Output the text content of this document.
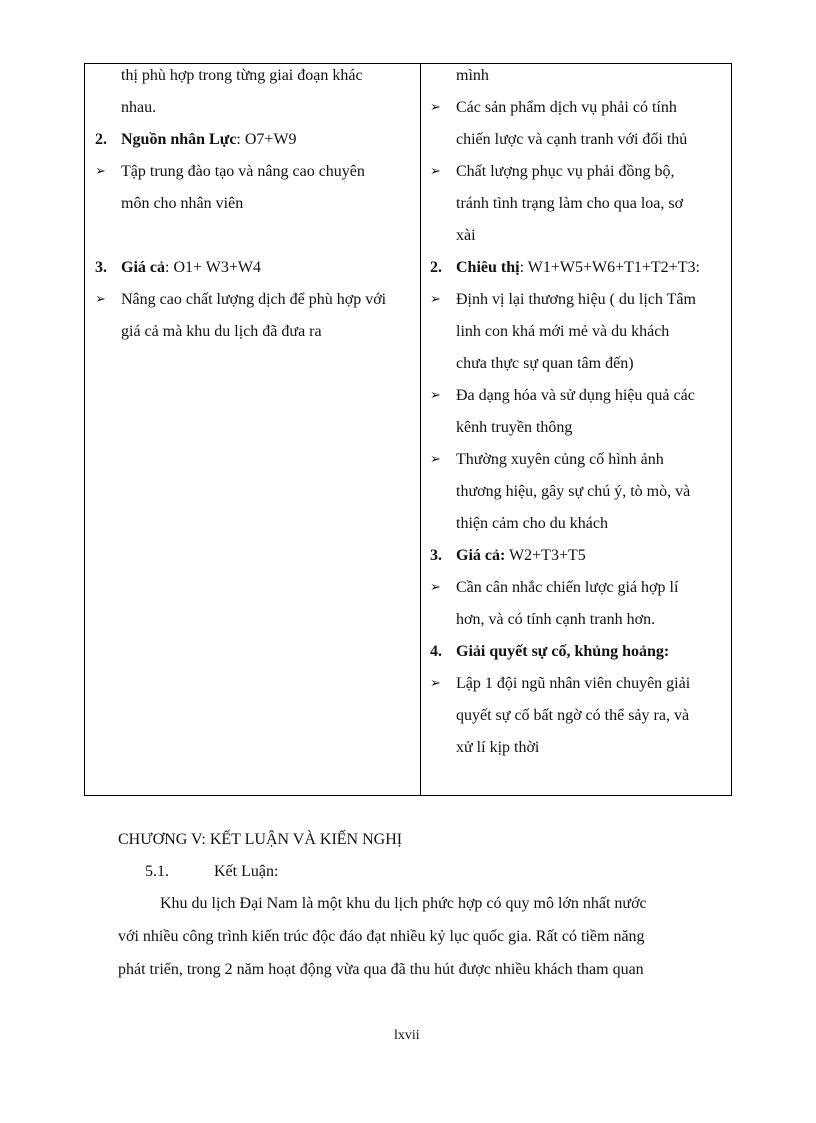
thị phù hợp trong từng giai đoạn khác
nhau.
2. Nguồn nhân Lực: O7+W9
➢ Tập trung đào tạo và nâng cao chuyên
môn cho nhân viên
3. Giá cả: O1+ W3+W4
➢ Nâng cao chất lượng dịch để phù hợp với
giá cả mà khu du lịch đã đưa ra
mình
➢ Các sản phẩm dịch vụ phải có tính
chiến lược và cạnh tranh với đối thủ
➢ Chất lượng phục vụ phải đồng bộ,
tránh tình trạng làm cho qua loa, sơ
xài
2. Chiêu thị: W1+W5+W6+T1+T2+T3:
➢ Định vị lại thương hiệu ( du lịch Tâm
linh con khá mới mẻ và du khách
chưa thực sự quan tâm đến)
➢ Đa dạng hóa và sử dụng hiệu quả các
kênh truyền thông
➢ Thường xuyên củng cố hình ảnh
thương hiệu, gây sự chú ý, tò mò, và
thiện cảm cho du khách
3. Giá cả: W2+T3+T5
➢ Cần cân nhắc chiến lược giá hợp lí
hơn, và có tính cạnh tranh hơn.
4. Giải quyết sự cố, khủng hoảng:
➢ Lập 1 đội ngũ nhân viên chuyên giải
quyết sự cố bất ngờ có thể sảy ra, và
xử lí kịp thời
CHƯƠNG V: KẾT LUẬN VÀ KIẾN NGHỊ
5.1.	Kết Luận:
Khu du lịch Đại Nam là một khu du lịch phức hợp có quy mô lớn nhất nước
với nhiều công trình kiến trúc độc đáo đạt nhiều kỷ lục quốc gia. Rất có tiềm năng
phát triển, trong 2 năm hoạt động vừa qua đã thu hút được nhiều khách tham quan
lxvii
